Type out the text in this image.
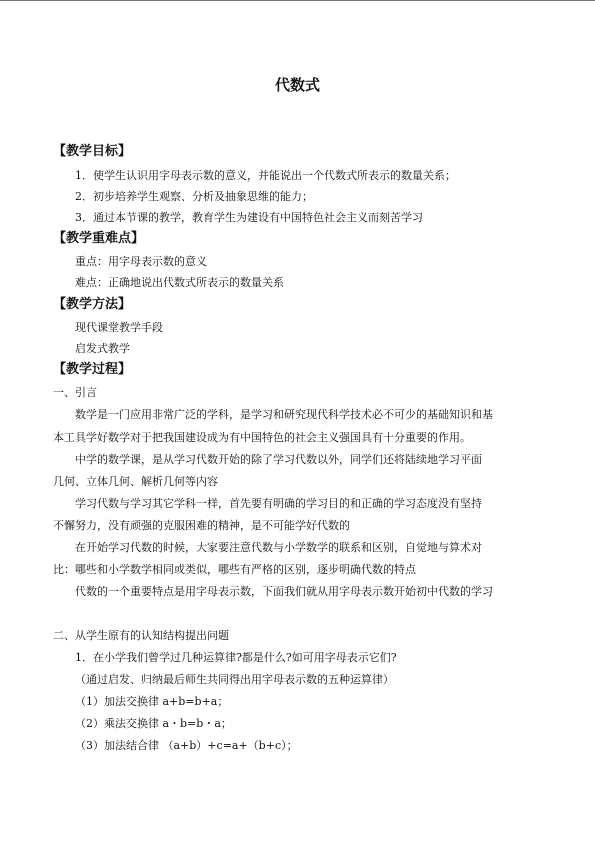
代数式
【教学目标】
1．使学生认识用字母表示数的意义，并能说出一个代数式所表示的数量关系；
2．初步培养学生观察、分析及抽象思维的能力；
3．通过本节课的教学，教育学生为建设有中国特色社会主义而刻苦学习
【教学重难点】
重点：用字母表示数的意义
难点：正确地说出代数式所表示的数量关系
【教学方法】
现代课堂教学手段
启发式教学
【教学过程】
一、引言
数学是一门应用非常广泛的学科，是学习和研究现代科学技术必不可少的基础知识和基
本工具学好数学对于把我国建设成为有中国特色的社会主义强国具有十分重要的作用。
中学的数学课，是从学习代数开始的除了学习代数以外，同学们还将陆续地学习平面
几何、立体几何、解析几何等内容
学习代数与学习其它学科一样，首先要有明确的学习目的和正确的学习态度没有坚持
不懈努力，没有顽强的克服困难的精神，是不可能学好代数的
在开始学习代数的时候，大家要注意代数与小学数学的联系和区别，自觉地与算术对
比：哪些和小学数学相同或类似，哪些有严格的区别，逐步明确代数的特点
代数的一个重要特点是用字母表示数，下面我们就从用字母表示数开始初中代数的学习
二、从学生原有的认知结构提出问题
1．在小学我们曾学过几种运算律?都是什么?如可用字母表示它们?
（通过启发、归纳最后师生共同得出用字母表示数的五种运算律）
（1）加法交换律 a+b=b+a；
（2）乘法交换律 a・b=b・a；
（3）加法结合律 （a+b）+c=a+（b+c）；
